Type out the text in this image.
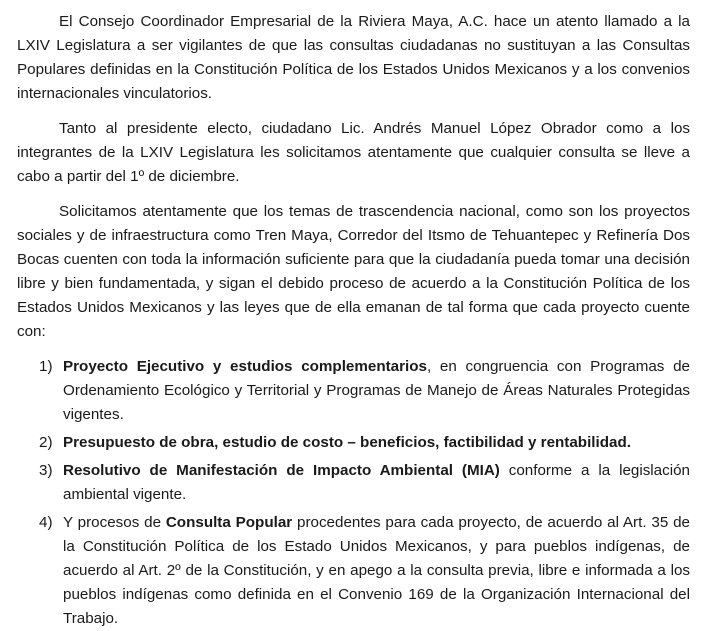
El Consejo Coordinador Empresarial de la Riviera Maya, A.C. hace un atento llamado a la LXIV Legislatura a ser vigilantes de que las consultas ciudadanas no sustituyan a las Consultas Populares definidas en la Constitución Política de los Estados Unidos Mexicanos y a los convenios internacionales vinculatorios.

Tanto al presidente electo, ciudadano Lic. Andrés Manuel López Obrador como a los integrantes de la LXIV Legislatura les solicitamos atentamente que cualquier consulta se lleve a cabo a partir del 1º de diciembre.

Solicitamos atentamente que los temas de trascendencia nacional, como son los proyectos sociales y de infraestructura como Tren Maya, Corredor del Itsmo de Tehuantepec y Refinería Dos Bocas cuenten con toda la información suficiente para que la ciudadanía pueda tomar una decisión libre y bien fundamentada, y sigan el debido proceso de acuerdo a la Constitución Política de los Estados Unidos Mexicanos y las leyes que de ella emanan de tal forma que cada proyecto cuente con:

1) Proyecto Ejecutivo y estudios complementarios, en congruencia con Programas de Ordenamiento Ecológico y Territorial y Programas de Manejo de Áreas Naturales Protegidas vigentes.
2) Presupuesto de obra, estudio de costo – beneficios, factibilidad y rentabilidad.
3) Resolutivo de Manifestación de Impacto Ambiental (MIA) conforme a la legislación ambiental vigente.
4) Y procesos de Consulta Popular procedentes para cada proyecto, de acuerdo al Art. 35 de la Constitución Política de los Estado Unidos Mexicanos, y para pueblos indígenas, de acuerdo al Art. 2º de la Constitución, y en apego a la consulta previa, libre e informada a los pueblos indígenas como definida en el Convenio 169 de la Organización Internacional del Trabajo.
